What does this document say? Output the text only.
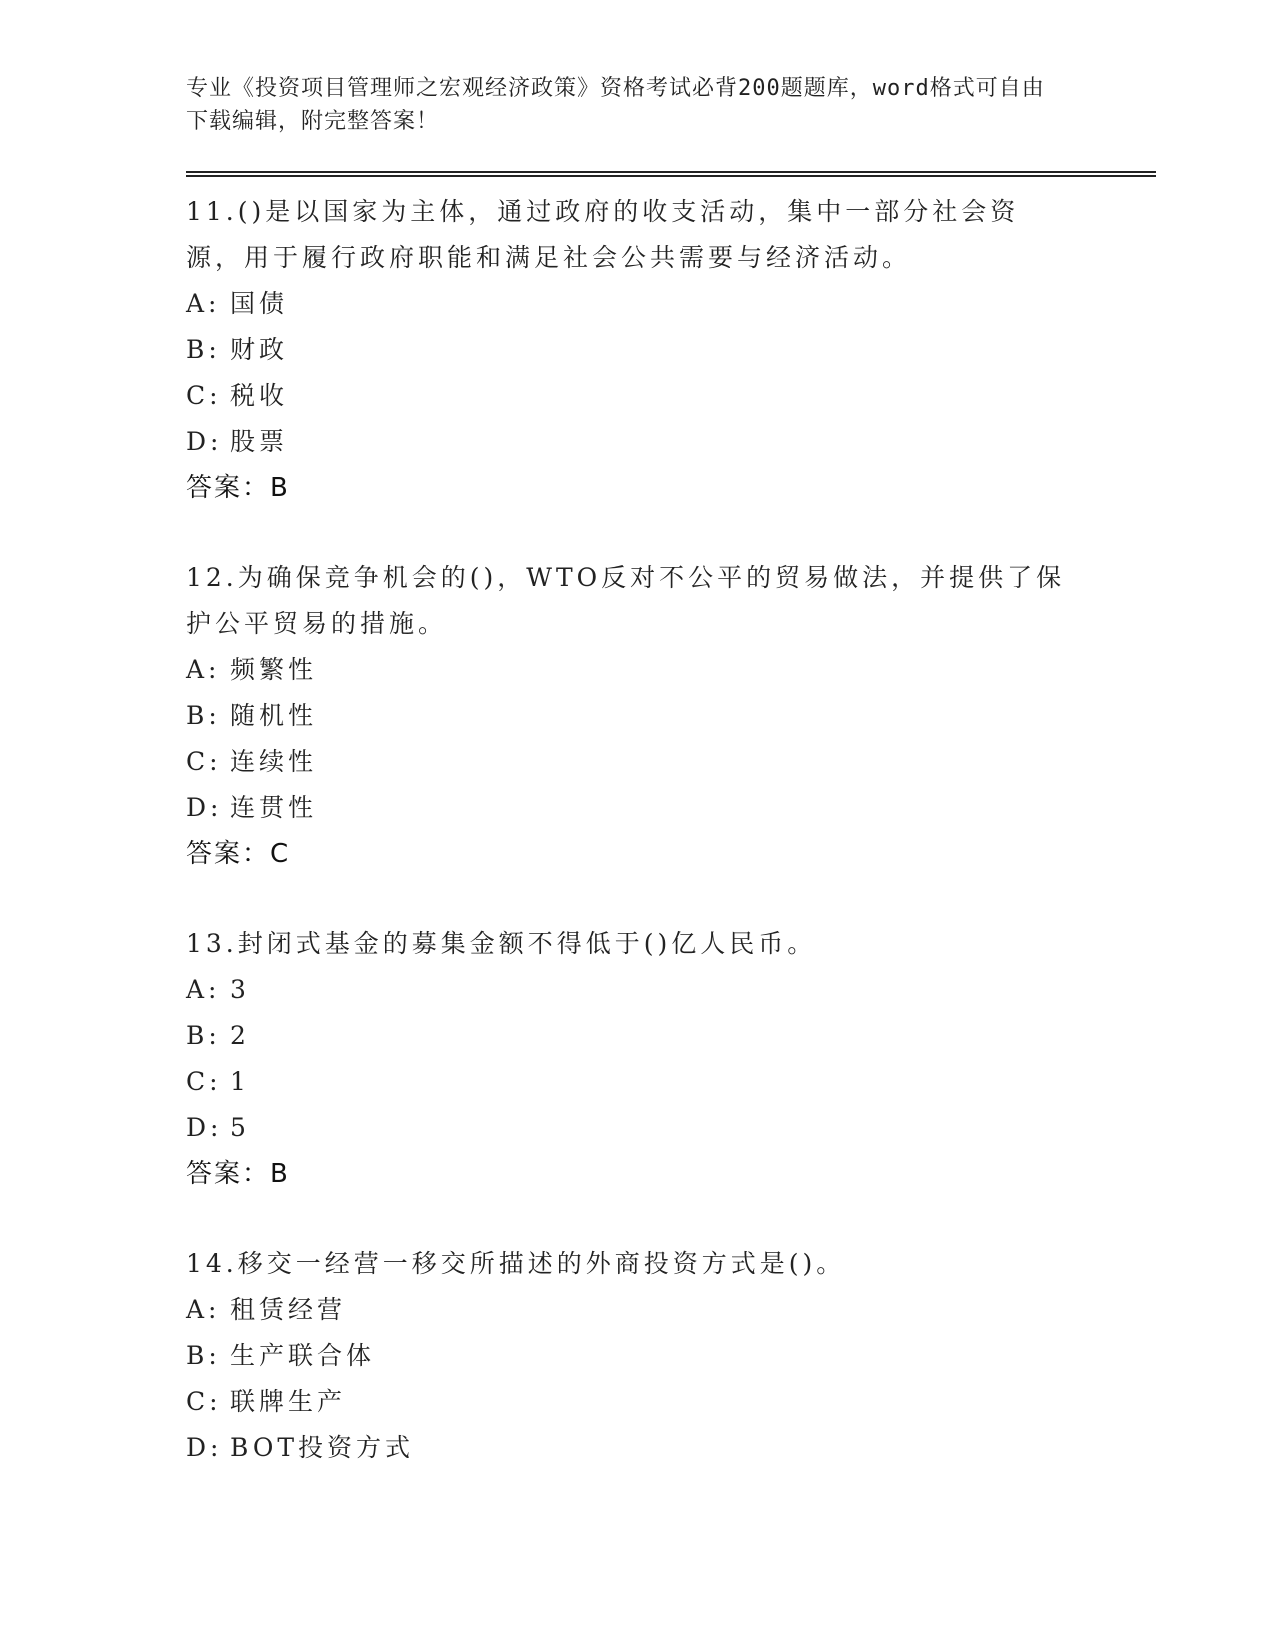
专业《投资项目管理师之宏观经济政策》资格考试必背200题题库，word格式可自由下载编辑，附完整答案！
11.()是以国家为主体，通过政府的收支活动，集中一部分社会资源，用于履行政府职能和满足社会公共需要与经济活动。
A: 国债
B: 财政
C: 税收
D: 股票
答案：B
12.为确保竞争机会的()，WTO反对不公平的贸易做法，并提供了保护公平贸易的措施。
A: 频繁性
B: 随机性
C: 连续性
D: 连贯性
答案：C
13.封闭式基金的募集金额不得低于()亿人民币。
A: 3
B: 2
C: 1
D: 5
答案：B
14.移交一经营一移交所描述的外商投资方式是()。
A: 租赁经营
B: 生产联合体
C: 联牌生产
D: BOT投资方式
